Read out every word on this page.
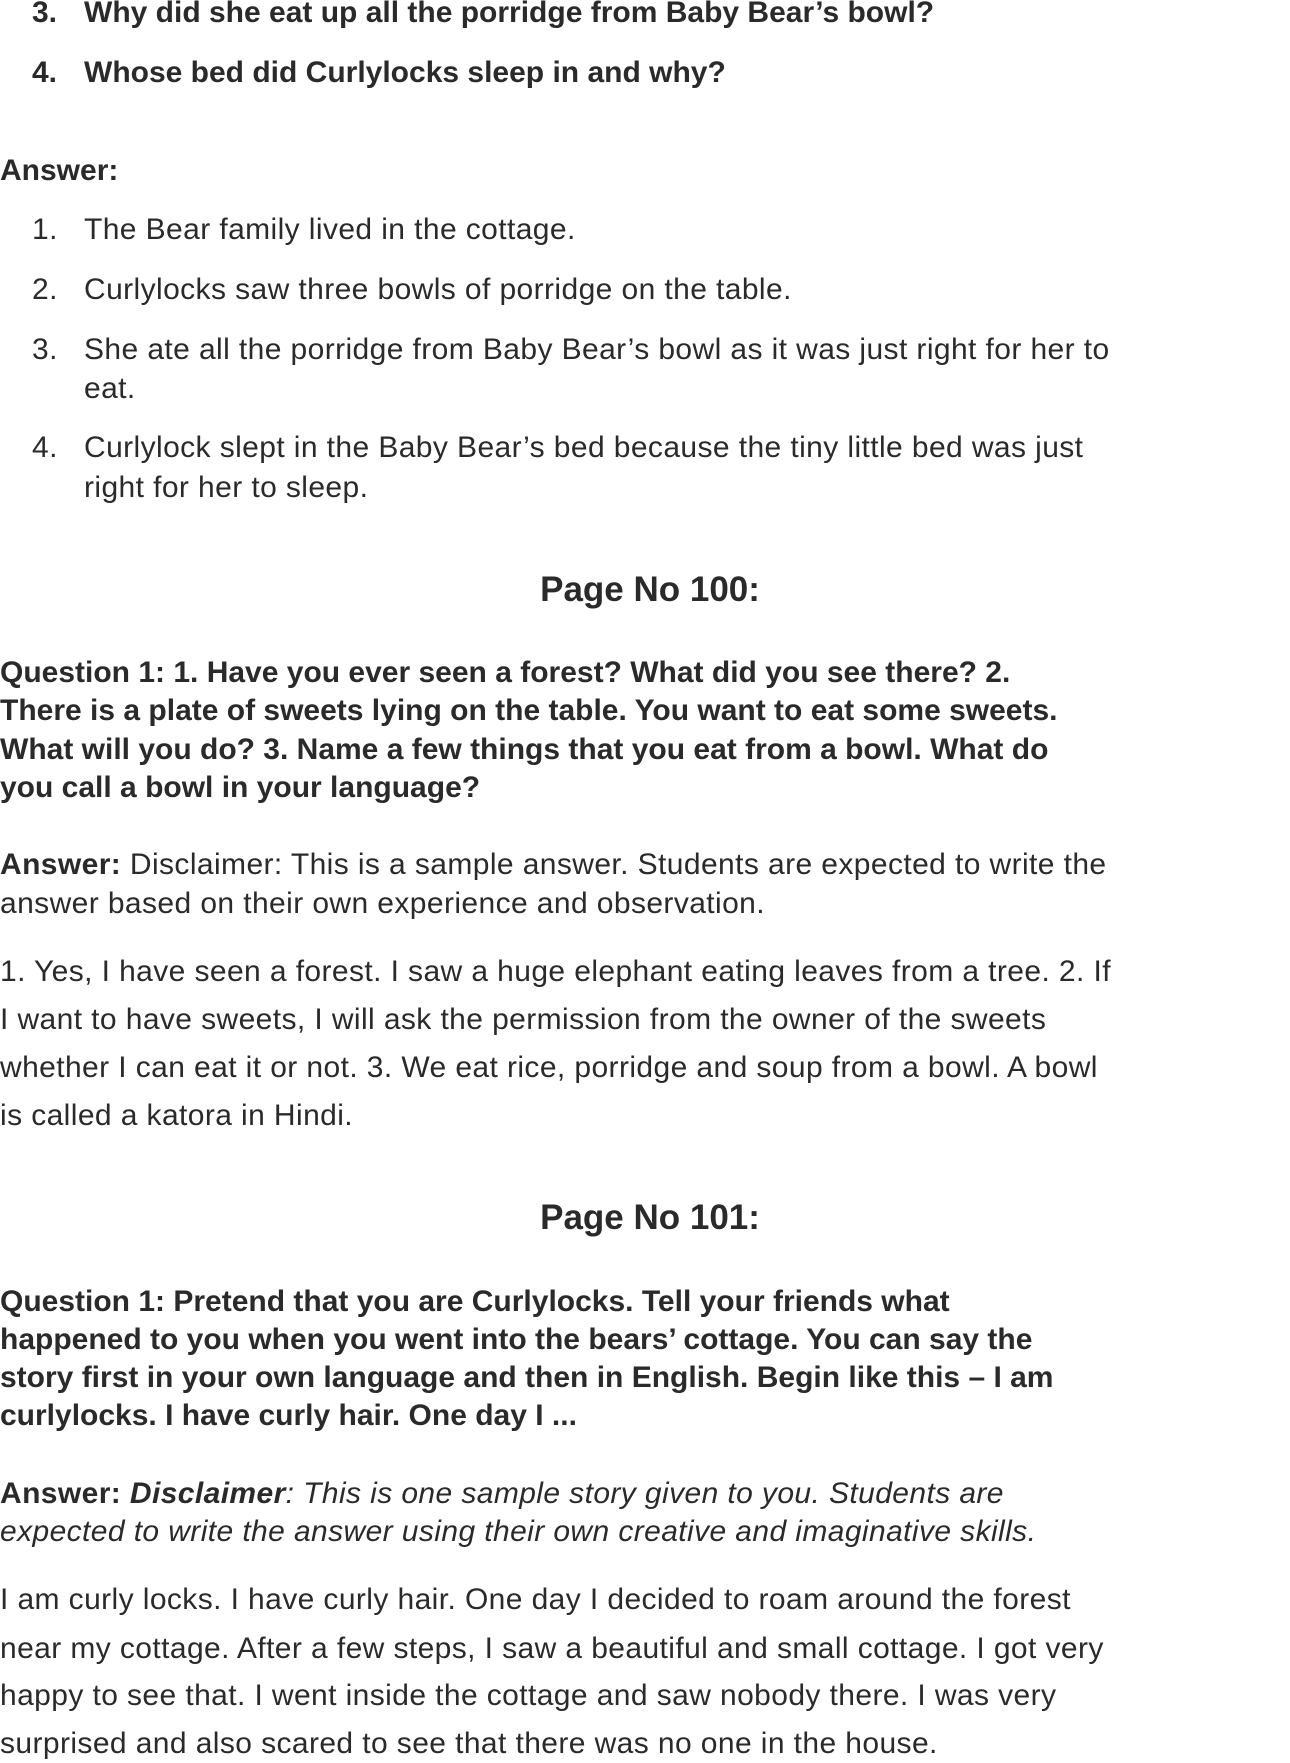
3. Why did she eat up all the porridge from Baby Bear’s bowl?
4. Whose bed did Curlylocks sleep in and why?
Answer:
1. The Bear family lived in the cottage.
2. Curlylocks saw three bowls of porridge on the table.
3. She ate all the porridge from Baby Bear’s bowl as it was just right for her to
eat.
4. Curlylock slept in the Baby Bear’s bed because the tiny little bed was just
right for her to sleep.
Page No 100:
Question 1: 1. Have you ever seen a forest? What did you see there? 2.
There is a plate of sweets lying on the table. You want to eat some sweets.
What will you do? 3. Name a few things that you eat from a bowl. What do
you call a bowl in your language?
Answer: Disclaimer: This is a sample answer. Students are expected to write the
answer based on their own experience and observation.
1. Yes, I have seen a forest. I saw a huge elephant eating leaves from a tree. 2. If
I want to have sweets, I will ask the permission from the owner of the sweets
whether I can eat it or not. 3. We eat rice, porridge and soup from a bowl. A bowl
is called a katora in Hindi.
Page No 101:
Question 1: Pretend that you are Curlylocks. Tell your friends what
happened to you when you went into the bears’ cottage. You can say the
story first in your own language and then in English. Begin like this – I am
curlylocks. I have curly hair. One day I ...
Answer: Disclaimer: This is one sample story given to you. Students are
expected to write the answer using their own creative and imaginative skills.
I am curly locks. I have curly hair. One day I decided to roam around the forest
near my cottage. After a few steps, I saw a beautiful and small cottage. I got very
happy to see that. I went inside the cottage and saw nobody there. I was very
surprised and also scared to see that there was no one in the house.
